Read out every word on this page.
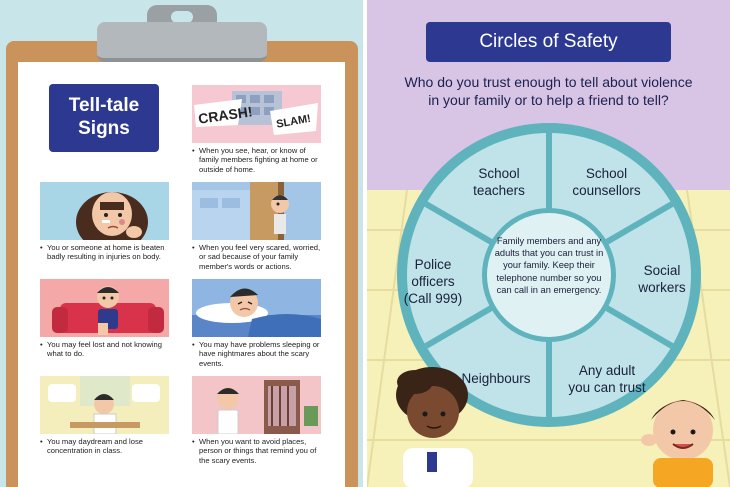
Tell-tale
Signs
CRASH! SLAM!
• When you see, hear, or know of family members fighting at home or outside of home.
• You or someone at home is beaten badly resulting in injuries on body.
• When you feel very scared, worried, or sad because of your family member's words or actions.
• You may feel lost and not knowing what to do.
• You may have problems sleeping or have nightmares about the scary events.
• You may daydream and lose concentration in class.
• When you want to avoid places, person or things that remind you of the scary events.
Circles of Safety
Who do you trust enough to tell about violence
in your family or to help a friend to tell?
School
teachers
School
counsellors
Social
workers
Any adult
you can trust
Neighbours
Police
officers
(Call 999)
Family members and any adults that you can trust in your family. Keep their telephone number so you can call in an emergency.
